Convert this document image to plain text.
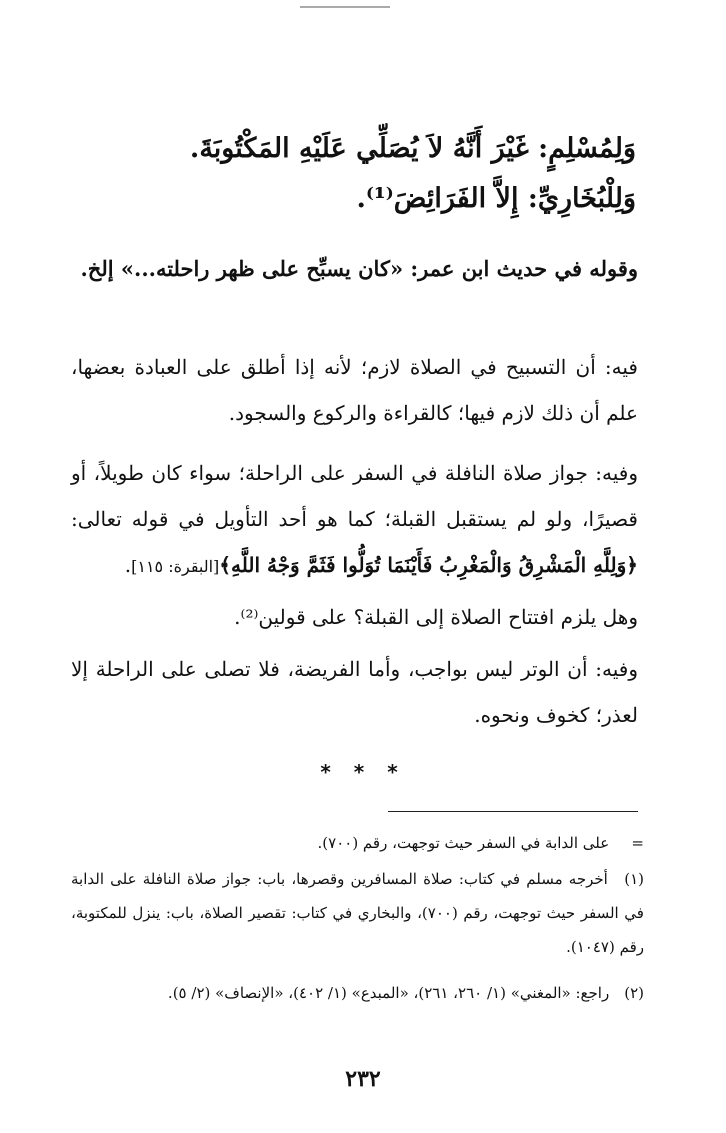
وَلِمُسْلِمٍ: غَيْرَ أَنَّهُ لاَ يُصَلِّي عَلَيْهِ المَكْتُوبَةَ.
وَلِلْبُخَارِيِّ: إِلاَّ الفَرَائِضَ⁽¹⁾.
وقوله في حديث ابن عمر: «كان يسبِّح على ظهر راحلته...» إلخ.
فيه: أن التسبيح في الصلاة لازم؛ لأنه إذا أطلق على العبادة بعضها، علم أن ذلك لازم فيها؛ كالقراءة والركوع والسجود.
وفيه: جواز صلاة النافلة في السفر على الراحلة؛ سواء كان طويلاً، أو قصيرًا، ولو لم يستقبل القبلة؛ كما هو أحد التأويل في قوله تعالى: ﴿وَلِلَّهِ الْمَشْرِقُ وَالْمَغْرِبُ فَأَيْنَمَا تُوَلُّوا فَثَمَّ وَجْهُ اللَّهِ﴾[البقرة: ١١٥].
وهل يلزم افتتاح الصلاة إلى القبلة؟ على قولين⁽²⁾.
وفيه: أن الوتر ليس بواجب، وأما الفريضة، فلا تصلى على الراحلة إلا لعذر؛ كخوف ونحوه.
* * *
= على الدابة في السفر حيث توجهت، رقم (٧٠٠).
(١) أخرجه مسلم في كتاب: صلاة المسافرين وقصرها، باب: جواز صلاة النافلة على الدابة في السفر حيث توجهت، رقم (٧٠٠)، والبخاري في كتاب: تقصير الصلاة، باب: ينزل للمكتوبة، رقم (١٠٤٧).
(٢) راجع: «المغني» (١/ ٢٦٠، ٢٦١)، «المبدع» (١/ ٤٠٢)، «الإنصاف» (٢/ ٥).
٢٣٢
